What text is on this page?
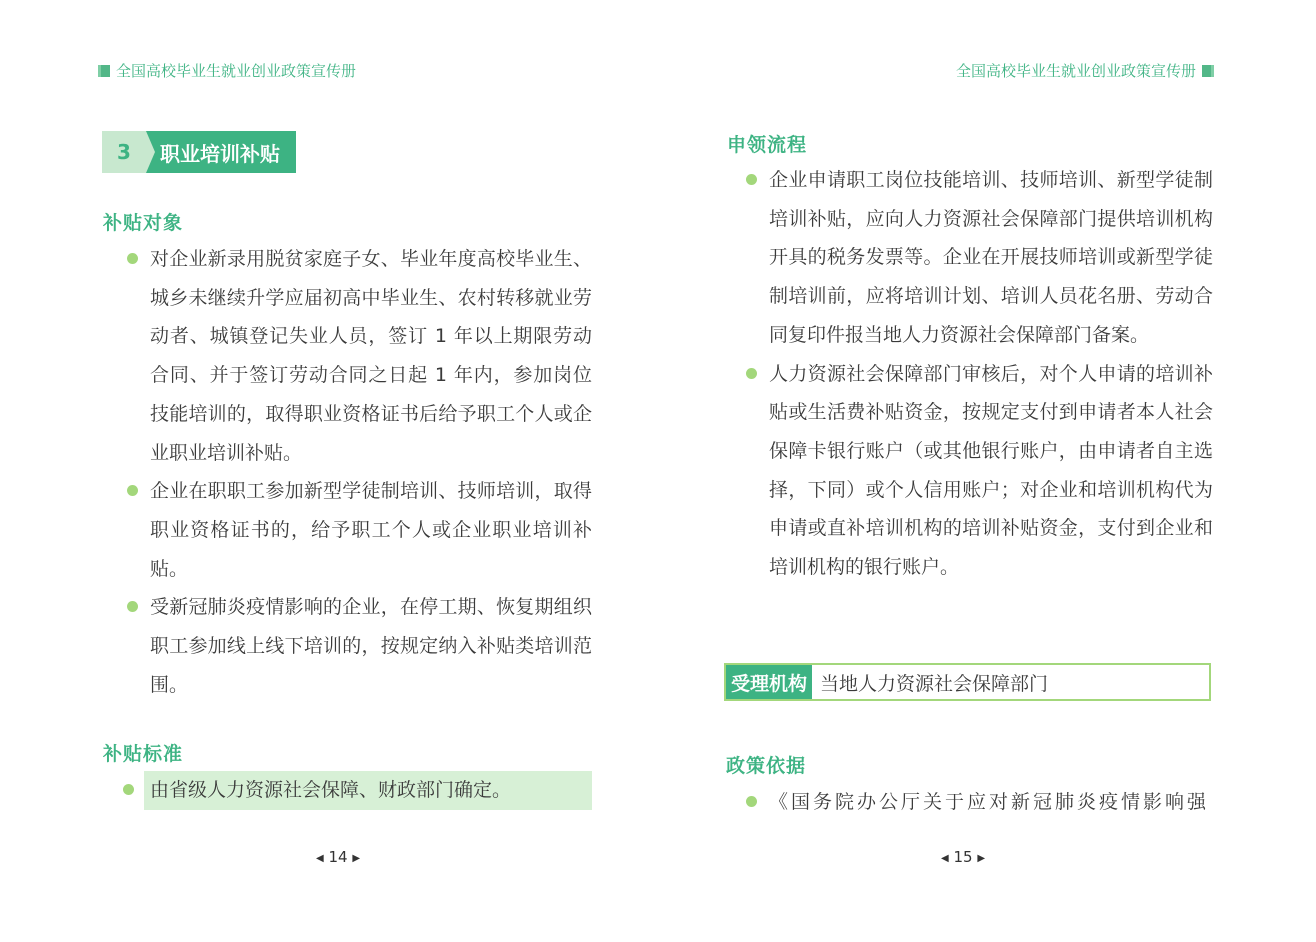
全国高校毕业生就业创业政策宣传册
3	职业培训补贴
补贴对象
对企业新录用脱贫家庭子女、毕业年度高校毕业生、城乡未继续升学应届初高中毕业生、农村转移就业劳动者、城镇登记失业人员，签订 1 年以上期限劳动合同、并于签订劳动合同之日起 1 年内，参加岗位技能培训的，取得职业资格证书后给予职工个人或企业职业培训补贴。
企业在职职工参加新型学徒制培训、技师培训，取得职业资格证书的，给予职工个人或企业职业培训补贴。
受新冠肺炎疫情影响的企业，在停工期、恢复期组织职工参加线上线下培训的，按规定纳入补贴类培训范围。
补贴标准
由省级人力资源社会保障、财政部门确定。
◀ 14 ▶
全国高校毕业生就业创业政策宣传册
申领流程
企业申请职工岗位技能培训、技师培训、新型学徒制培训补贴，应向人力资源社会保障部门提供培训机构开具的税务发票等。企业在开展技师培训或新型学徒制培训前，应将培训计划、培训人员花名册、劳动合同复印件报当地人力资源社会保障部门备案。
人力资源社会保障部门审核后，对个人申请的培训补贴或生活费补贴资金，按规定支付到申请者本人社会保障卡银行账户（或其他银行账户，由申请者自主选择，下同）或个人信用账户；对企业和培训机构代为申请或直补培训机构的培训补贴资金，支付到企业和培训机构的银行账户。
◀ 15 ▶
政策依据
《国务院办公厅关于应对新冠肺炎疫情影响强
受理机构 当地人力资源社会保障部门
